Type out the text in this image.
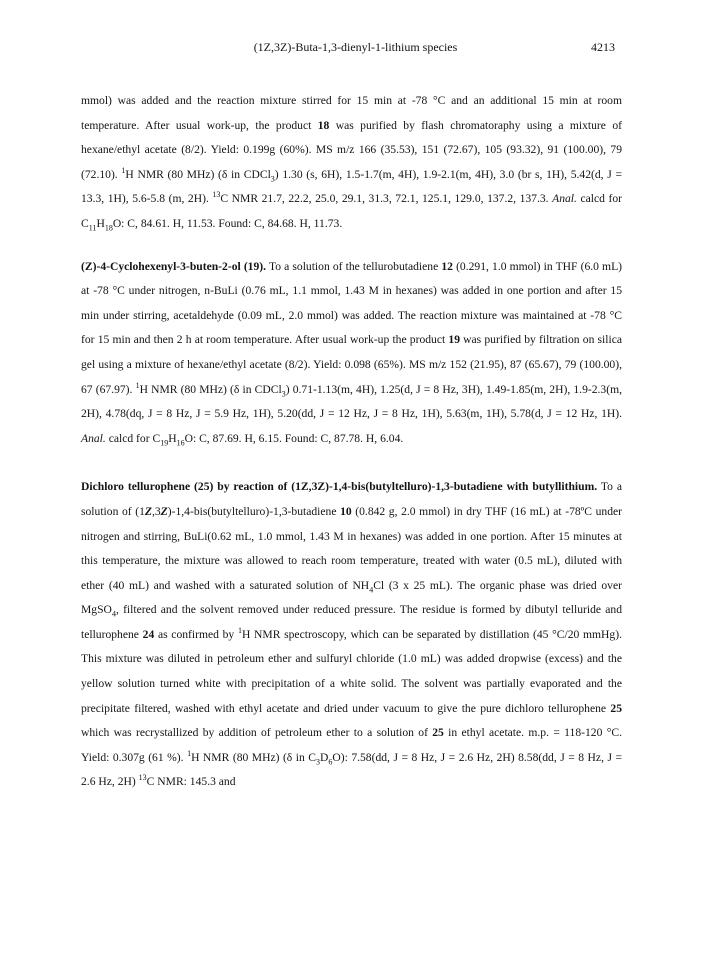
(1Z,3Z)-Buta-1,3-dienyl-1-lithium species	4213

mmol) was added and the reaction mixture stirred for 15 min at -78 °C and an additional 15 min at room temperature. After usual work-up, the product 18 was purified by flash chromatoraphy using a mixture of hexane/ethyl acetate (8/2). Yield: 0.199g (60%). MS m/z 166 (35.53), 151 (72.67), 105 (93.32), 91 (100.00), 79 (72.10). $^1$H NMR (80 MHz) (δ in CDCl$_3$) 1.30 (s, 6H), 1.5-1.7(m, 4H), 1.9-2.1(m, 4H), 3.0 (br s, 1H), 5.42(d, J = 13.3, 1H), 5.6-5.8 (m, 2H). $^{13}$C NMR 21.7, 22.2, 25.0, 29.1, 31.3, 72.1, 125.1, 129.0, 137.2, 137.3. Anal. calcd for $C_{11}H_{18}O$: C, 84.61. H, 11.53. Found: C, 84.68. H, 11.73.

(Z)-4-Cyclohexenyl-3-buten-2-ol (19). To a solution of the tellurobutadiene 12 (0.291, 1.0 mmol) in THF (6.0 mL) at -78 °C under nitrogen, n-BuLi (0.76 mL, 1.1 mmol, 1.43 M in hexanes) was added in one portion and after 15 min under stirring, acetaldehyde (0.09 mL, 2.0 mmol) was added. The reaction mixture was maintained at -78 °C for 15 min and then 2 h at room temperature. After usual work-up the product 19 was purified by filtration on silica gel using a mixture of hexane/ethyl acetate (8/2). Yield: 0.098 (65%). MS m/z 152 (21.95), 87 (65.67), 79 (100.00), 67 (67.97). $^1$H NMR (80 MHz) (δ in CDCl$_3$) 0.71-1.13(m, 4H), 1.25(d, J = 8 Hz, 3H), 1.49-1.85(m, 2H), 1.9-2.3(m, 2H), 4.78(dq, J = 8 Hz, J = 5.9 Hz, 1H), 5.20(dd, J = 12 Hz, J = 8 Hz, 1H), 5.63(m, 1H), 5.78(d, J = 12 Hz, 1H). Anal. calcd for $C_{19}H_{16}O$: C, 87.69. H, 6.15. Found: C, 87.78. H, 6.04.

Dichloro tellurophene (25) by reaction of (1Z,3Z)-1,4-bis(butyltelluro)-1,3-butadiene with butyllithium. To a solution of (1Z,3Z)-1,4-bis(butyltelluro)-1,3-butadiene 10 (0.842 g, 2.0 mmol) in dry THF (16 mL) at -78ºC under nitrogen and stirring, BuLi(0.62 mL, 1.0 mmol, 1.43 M in hexanes) was added in one portion. After 15 minutes at this temperature, the mixture was allowed to reach room temperature, treated with water (0.5 mL), diluted with ether (40 mL) and washed with a saturated solution of $NH_4Cl$ (3 x 25 mL). The organic phase was dried over MgSO$_4$, filtered and the solvent removed under reduced pressure. The residue is formed by dibutyl telluride and tellurophene 24 as confirmed by $^1$H NMR spectroscopy, which can be separated by distillation (45 °C/20 mmHg). This mixture was diluted in petroleum ether and sulfuryl chloride (1.0 mL) was added dropwise (excess) and the yellow solution turned white with precipitation of a white solid. The solvent was partially evaporated and the precipitate filtered, washed with ethyl acetate and dried under vacuum to give the pure dichloro tellurophene 25 which was recrystallized by addition of petroleum ether to a solution of 25 in ethyl acetate. m.p. = 118-120 °C. Yield: 0.307g (61 %). $^1$H NMR (80 MHz) (δ in $C_3D_6O$): 7.58(dd, J = 8 Hz, J = 2.6 Hz, 2H) 8.58(dd, J = 8 Hz, J = 2.6 Hz, 2H) $^{13}$C NMR: 145.3 and
